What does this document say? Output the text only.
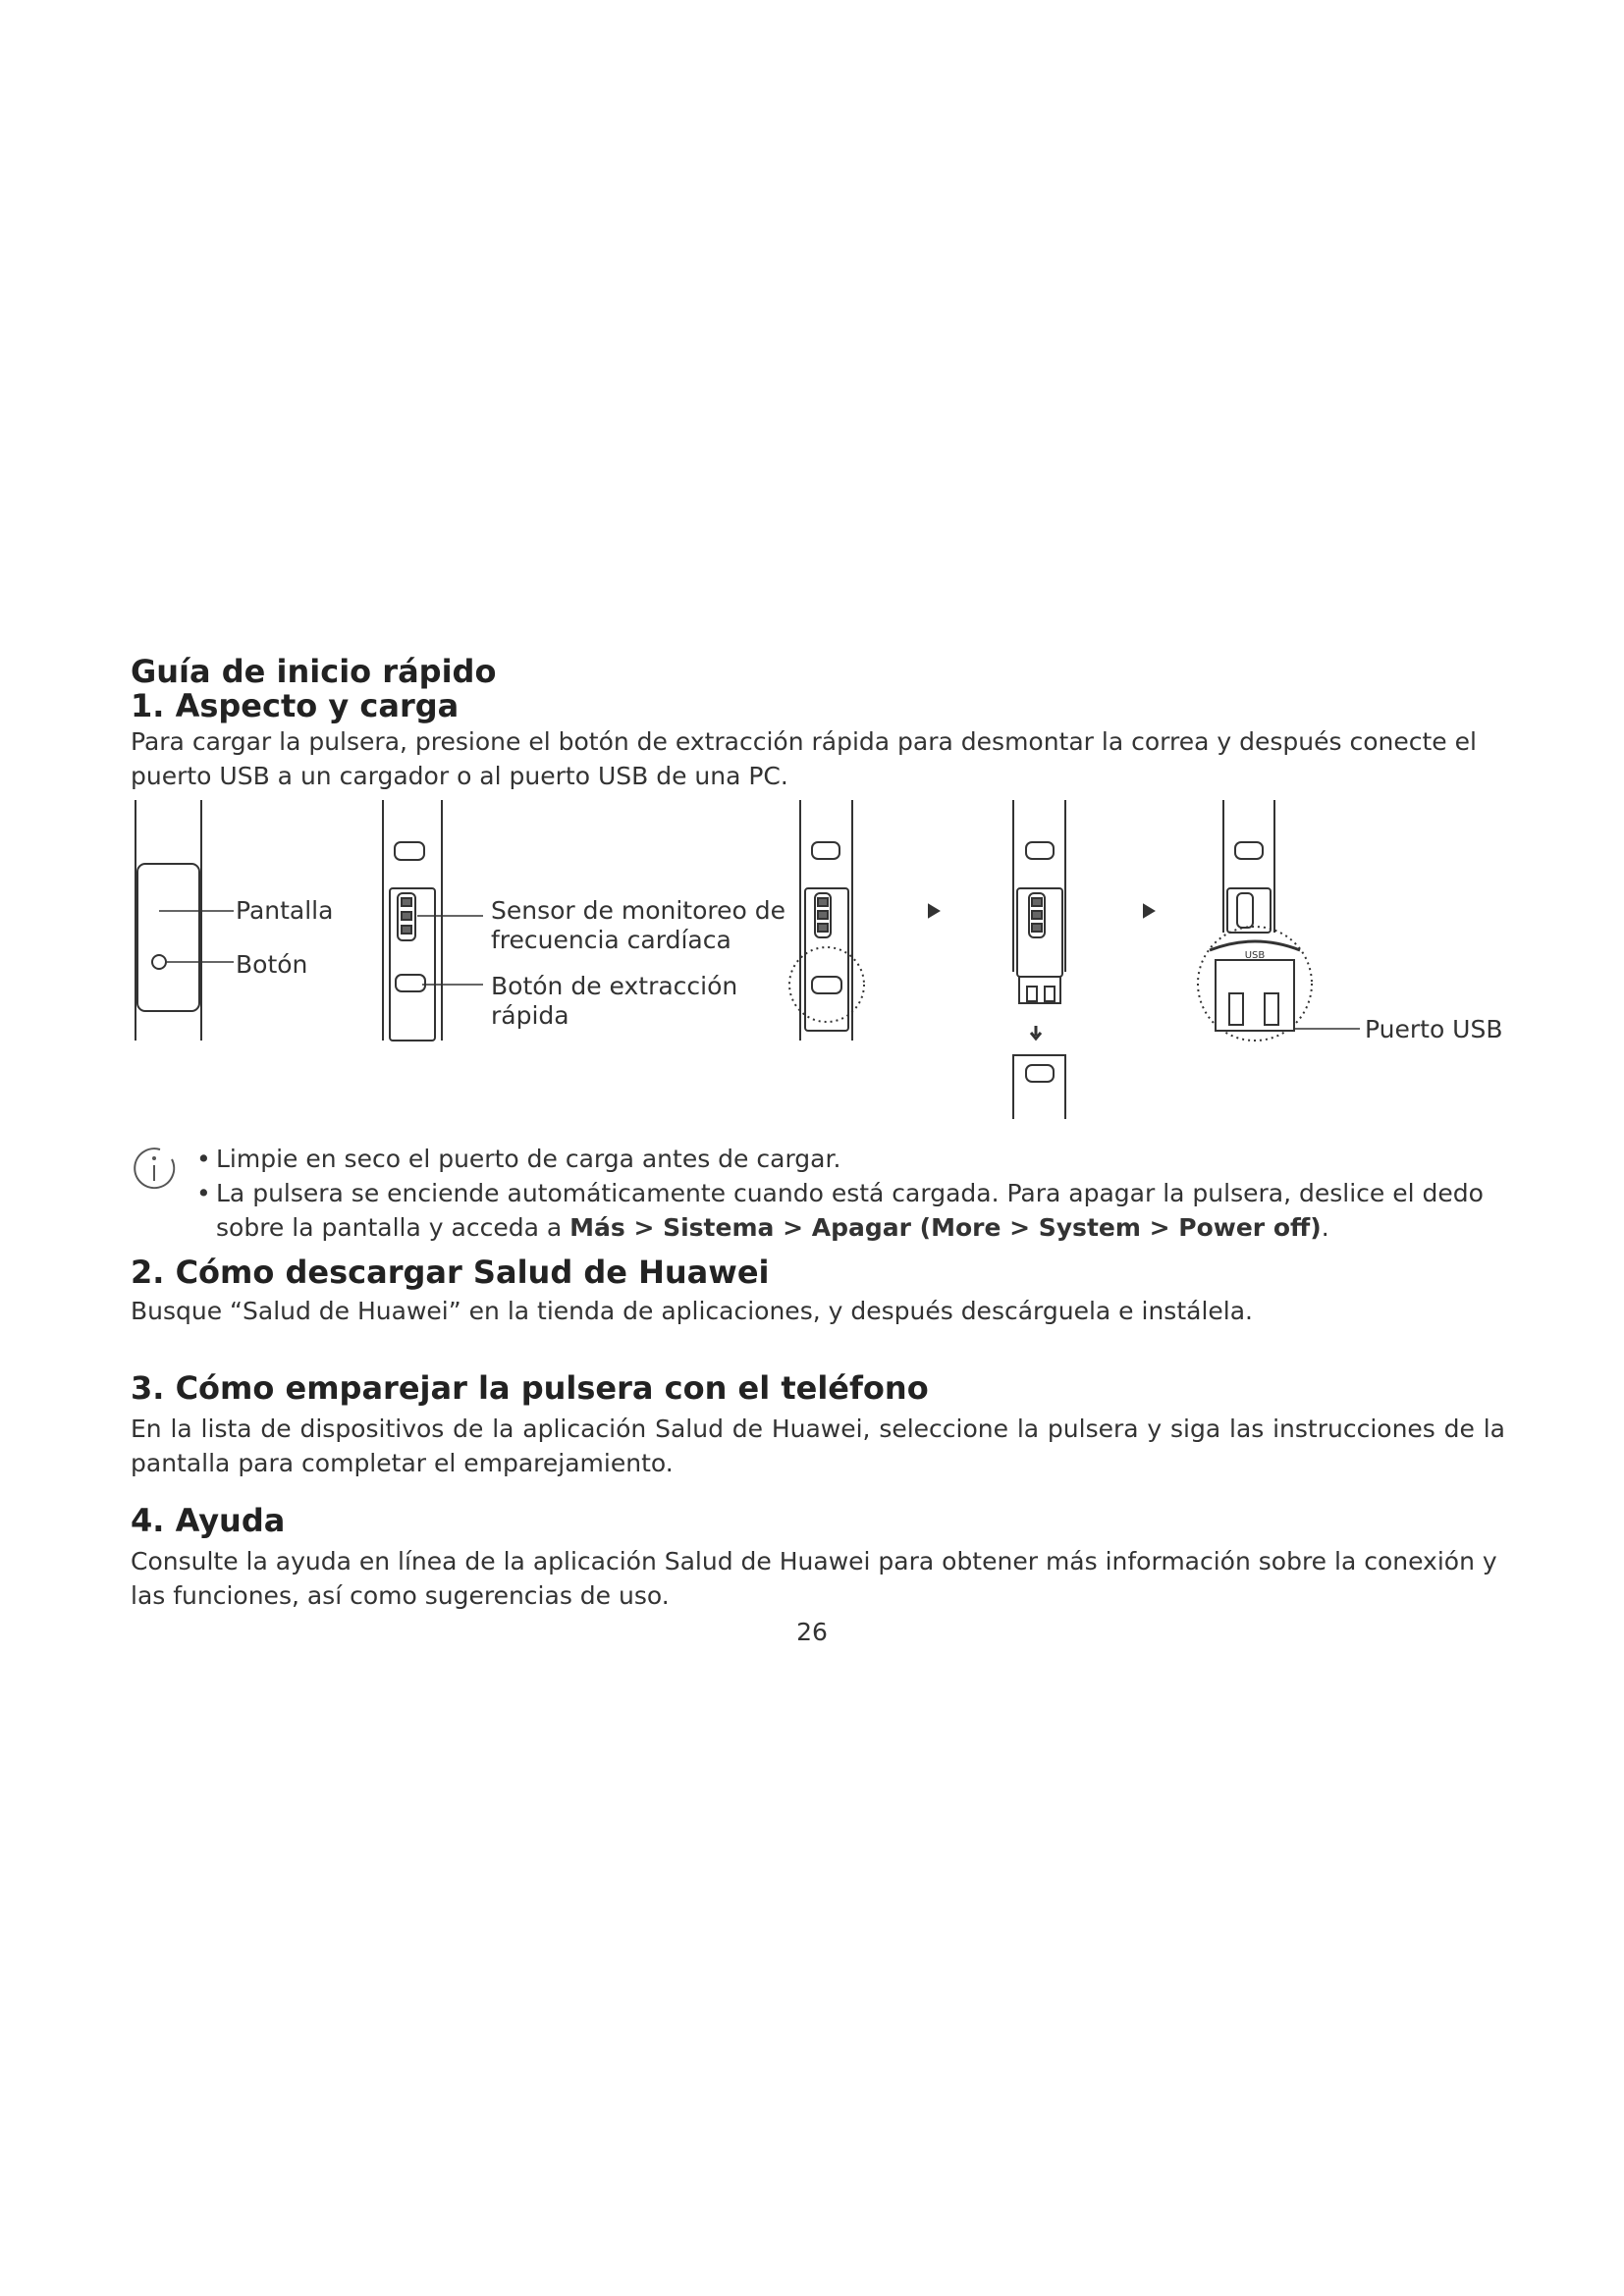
Guía de inicio rápido
1. Aspecto y carga
Para cargar la pulsera, presione el botón de extracción rápida para desmontar la correa y después conecte el puerto USB a un cargador o al puerto USB de una PC.
USB
Pantalla
Botón
Sensor de monitoreo de
frecuencia cardíaca
Botón de extracción
rápida	Puerto USB
• Limpie en seco el puerto de carga antes de cargar.
• La pulsera se enciende automáticamente cuando está cargada. Para apagar la pulsera, deslice el dedo sobre la pantalla y acceda a Más > Sistema > Apagar (More > System > Power off).
2. Cómo descargar Salud de Huawei
Busque “Salud de Huawei” en la tienda de aplicaciones, y después descárguela e instálela.
3. Cómo emparejar la pulsera con el teléfono
En la lista de dispositivos de la aplicación Salud de Huawei, seleccione la pulsera y siga las instrucciones de la pantalla para completar el emparejamiento.
4. Ayuda
Consulte la ayuda en línea de la aplicación Salud de Huawei para obtener más información sobre la conexión y las funciones, así como sugerencias de uso.
26
